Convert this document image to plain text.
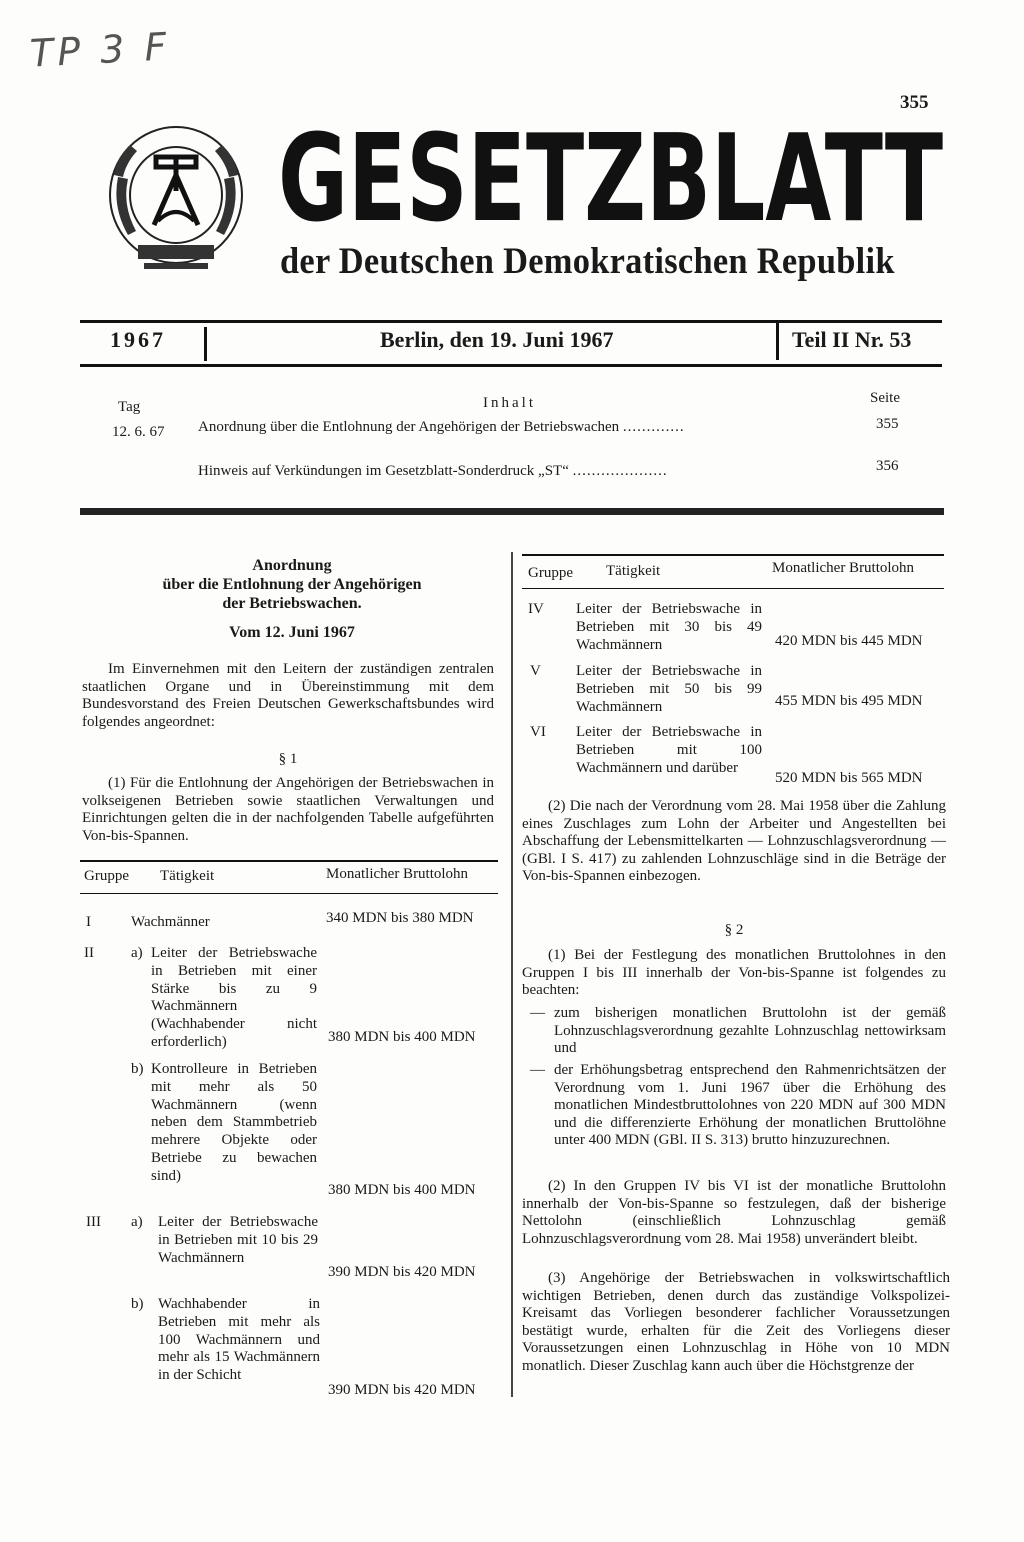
TP 3 F
355
GESETZBLATT
der Deutschen Demokratischen Republik
1967	Berlin, den 19. Juni 1967	Teil II Nr. 53
Tag	Inhalt	Seite
12. 6. 67 Anordnung über die Entlohnung der Angehörigen der Betriebswachen .............	355
Hinweis auf Verkündungen im Gesetzblatt-Sonderdruck „ST“ ....................	356
Anordnung
über die Entlohnung der Angehörigen
der Betriebswachen.
Vom 12. Juni 1967
Im Einvernehmen mit den Leitern der zuständigen zentralen staatlichen Organe und in Übereinstimmung mit dem Bundesvorstand des Freien Deutschen Gewerkschaftsbundes wird folgendes angeordnet:
§ 1
(1) Für die Entlohnung der Angehörigen der Betriebswachen in volkseigenen Betrieben sowie staatlichen Verwaltungen und Einrichtungen gelten die in der nachfolgenden Tabelle aufgeführten Von-bis-Spannen.
Gruppe Tätigkeit	Monatlicher Bruttolohn
I	Wachmänner	340 MDN bis 380 MDN
II a) Leiter der Betriebswache in Betrieben mit einer Stärke bis zu 9 Wachmännern (Wachhabender nicht erforderlich)	380 MDN bis 400 MDN
b) Kontrolleure in Betrieben mit mehr als 50 Wachmännern (wenn neben dem Stammbetrieb mehrere Objekte oder Betriebe zu bewachen sind)
380 MDN bis 400 MDN
III a) Leiter der Betriebswache in Betrieben mit 10 bis 29 Wachmännern
390 MDN bis 420 MDN
b) Wachhabender in Betrieben mit mehr als 100 Wachmännern und mehr als 15 Wachmännern in der Schicht
390 MDN bis 420 MDN
Gruppe Tätigkeit	Monatlicher Bruttolohn
IV Leiter der Betriebswache in Betrieben mit 30 bis 49 Wachmännern	420 MDN bis 445 MDN
V Leiter der Betriebswache in Betrieben mit 50 bis 99 Wachmännern	455 MDN bis 495 MDN
VI Leiter der Betriebswache in Betrieben mit 100 Wachmännern und darüber
520 MDN bis 565 MDN
(2) Die nach der Verordnung vom 28. Mai 1958 über die Zahlung eines Zuschlages zum Lohn der Arbeiter und Angestellten bei Abschaffung der Lebensmittelkarten — Lohnzuschlagsverordnung — (GBl. I S. 417) zu zahlenden Lohnzuschläge sind in die Beträge der Von-bis-Spannen einbezogen.
§ 2
(1) Bei der Festlegung des monatlichen Bruttolohnes in den Gruppen I bis III innerhalb der Von-bis-Spanne ist folgendes zu beachten:
— zum bisherigen monatlichen Bruttolohn ist der gemäß Lohnzuschlagsverordnung gezahlte Lohnzuschlag nettowirksam und
— der Erhöhungsbetrag entsprechend den Rahmenrichtsätzen der Verordnung vom 1. Juni 1967 über die Erhöhung des monatlichen Mindestbruttolohnes von 220 MDN auf 300 MDN und die differenzierte Erhöhung der monatlichen Bruttolöhne unter 400 MDN (GBl. II S. 313) brutto hinzuzurechnen.
(2) In den Gruppen IV bis VI ist der monatliche Bruttolohn innerhalb der Von-bis-Spanne so festzulegen, daß der bisherige Nettolohn (einschließlich Lohnzuschlag gemäß Lohnzuschlagsverordnung vom 28. Mai 1958) unverändert bleibt.
(3) Angehörige der Betriebswachen in volkswirtschaftlich wichtigen Betrieben, denen durch das zuständige Volkspolizei-Kreisamt das Vorliegen besonderer fachlicher Voraussetzungen bestätigt wurde, erhalten für die Zeit des Vorliegens dieser Voraussetzungen einen Lohnzuschlag in Höhe von 10 MDN monatlich. Dieser Zuschlag kann auch über die Höchstgrenze der
